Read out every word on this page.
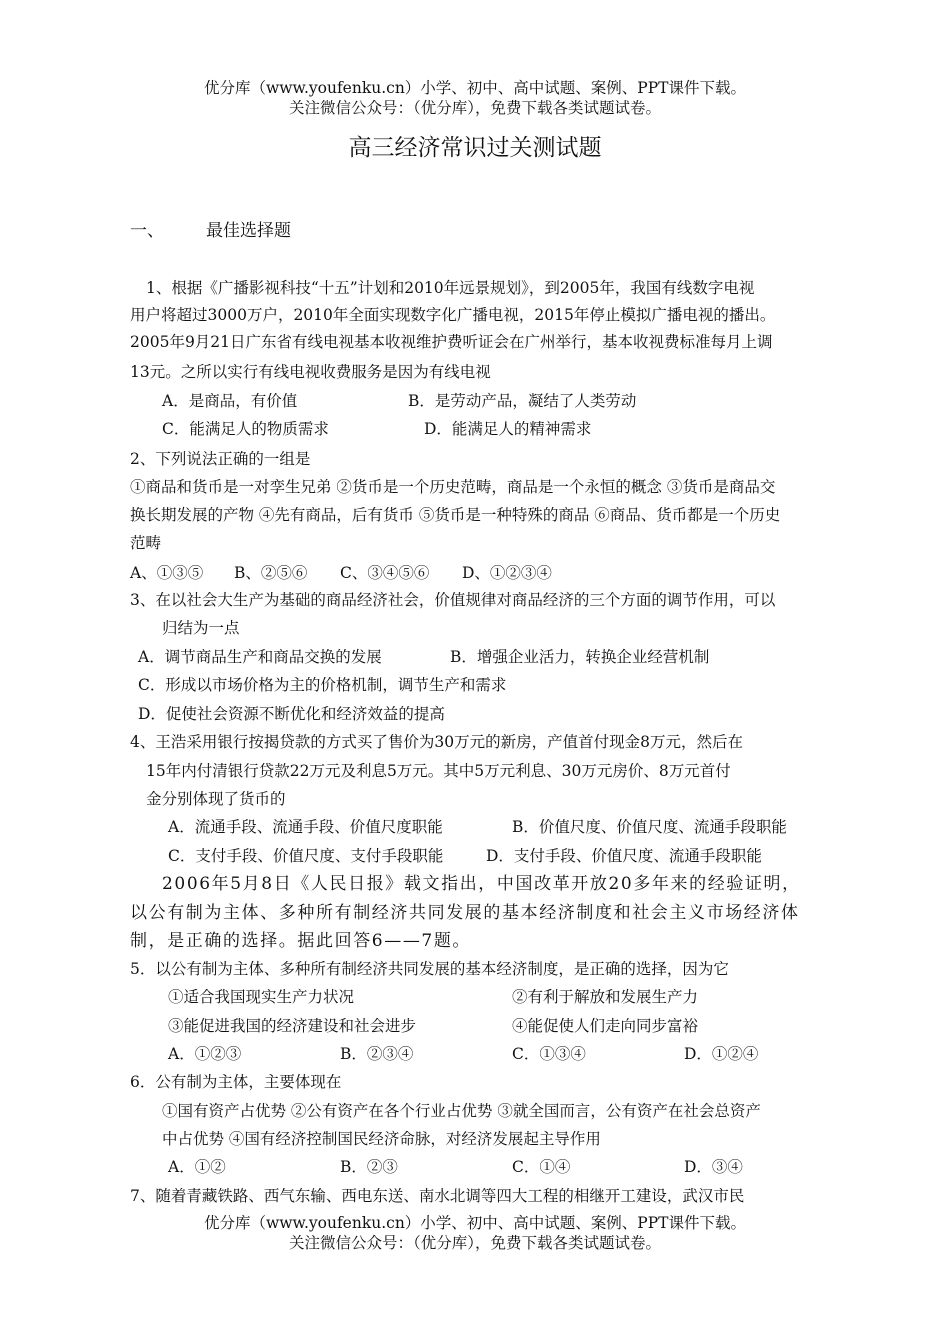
优分库（www.youfenku.cn）小学、初中、高中试题、案例、PPT课件下载。
关注微信公众号：（优分库），免费下载各类试题试卷。
高三经济常识过关测试题
一、 最佳选择题
1、根据《广播影视科技“十五”计划和2010年远景规划》，到2005年，我国有线数字电视
用户将超过3000万户，2010年全面实现数字化广播电视，2015年停止模拟广播电视的播出。
2005年9月21日广东省有线电视基本收视维护费听证会在广州举行，基本收视费标准每月上调
13元。之所以实行有线电视收费服务是因为有线电视
A．是商品，有价值	B．是劳动产品，凝结了人类劳动
C．能满足人的物质需求	D．能满足人的精神需求
2、下列说法正确的一组是
①商品和货币是一对孪生兄弟 ②货币是一个历史范畴，商品是一个永恒的概念 ③货币是商品交
换长期发展的产物 ④先有商品，后有货币 ⑤货币是一种特殊的商品 ⑥商品、货币都是一个历史
范畴
A、①③⑤ B、②⑤⑥ C、③④⑤⑥ D、①②③④
3、在以社会大生产为基础的商品经济社会，价值规律对商品经济的三个方面的调节作用，可以
归结为一点
A．调节商品生产和商品交换的发展	B．增强企业活力，转换企业经营机制
C．形成以市场价格为主的价格机制，调节生产和需求
D．促使社会资源不断优化和经济效益的提高
4、王浩采用银行按揭贷款的方式买了售价为30万元的新房，产值首付现金8万元，然后在
15年内付清银行贷款22万元及利息5万元。其中5万元利息、30万元房价、8万元首付
金分别体现了货币的
A．流通手段、流通手段、价值尺度职能	B．价值尺度、价值尺度、流通手段职能
C．支付手段、价值尺度、支付手段职能	D．支付手段、价值尺度、流通手段职能
2006年5月8日《人民日报》载文指出，中国改革开放20多年来的经验证明，
以公有制为主体、多种所有制经济共同发展的基本经济制度和社会主义市场经济体
制，是正确的选择。据此回答6——7题。
5．以公有制为主体、多种所有制经济共同发展的基本经济制度，是正确的选择，因为它
①适合我国现实生产力状况	②有利于解放和发展生产力
③能促进我国的经济建设和社会进步	④能促使人们走向同步富裕
A．①②③	B．②③④	C．①③④	D．①②④
6．公有制为主体，主要体现在
①国有资产占优势 ②公有资产在各个行业占优势 ③就全国而言，公有资产在社会总资产
中占优势 ④国有经济控制国民经济命脉，对经济发展起主导作用
A．①②	B．②③	C．①④	D．③④
7、随着青藏铁路、西气东输、西电东送、南水北调等四大工程的相继开工建设，武汉市民
优分库（www.youfenku.cn）小学、初中、高中试题、案例、PPT课件下载。
关注微信公众号：（优分库），免费下载各类试题试卷。
